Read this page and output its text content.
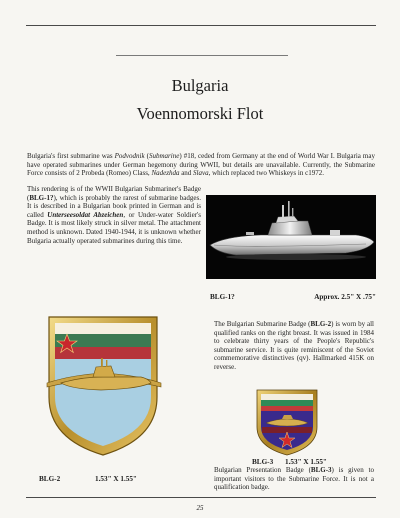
Bulgaria
Voennomorski Flot

Bulgaria's first submarine was Podvodnik (Submarine) #18, ceded from Germany at the end of World War I. Bulgaria may have operated submarines under German hegemony during WWII, but details are unavailable. Currently, the Submarine Force consists of 2 Probeda (Romeo) Class, Nadezhda and Slava, which replaced two Whiskeys in c1972.

This rendering is of the WWII Bulgarian Submariner's Badge (BLG-1?), which is probably the rarest of submarine badges. It is described in a Bulgarian book printed in German and is called Unterseesoldat Abzeichen, or Under-water Soldier's Badge. It is most likely struck in silver metal. The attachment method is unknown. Dated 1940-1944, it is unknown whether Bulgaria actually operated submarines during this time.

BLG-1?	Approx. 2.5" X .75"

The Bulgarian Submarine Badge (BLG-2) is worn by all qualified ranks on the right breast. It was issued in 1984 to celebrate thirty years of the People's Republic's submarine service. It is quite reminiscent of the Soviet commemorative distinctives (qv). Hallmarked 415K on reverse.

BLG-2	1.53" X 1.55"
BLG-3 1.53" X 1.55"

Bulgarian Presentation Badge (BLG-3) is given to important visitors to the Submarine Force. It is not a qualification badge.

25
